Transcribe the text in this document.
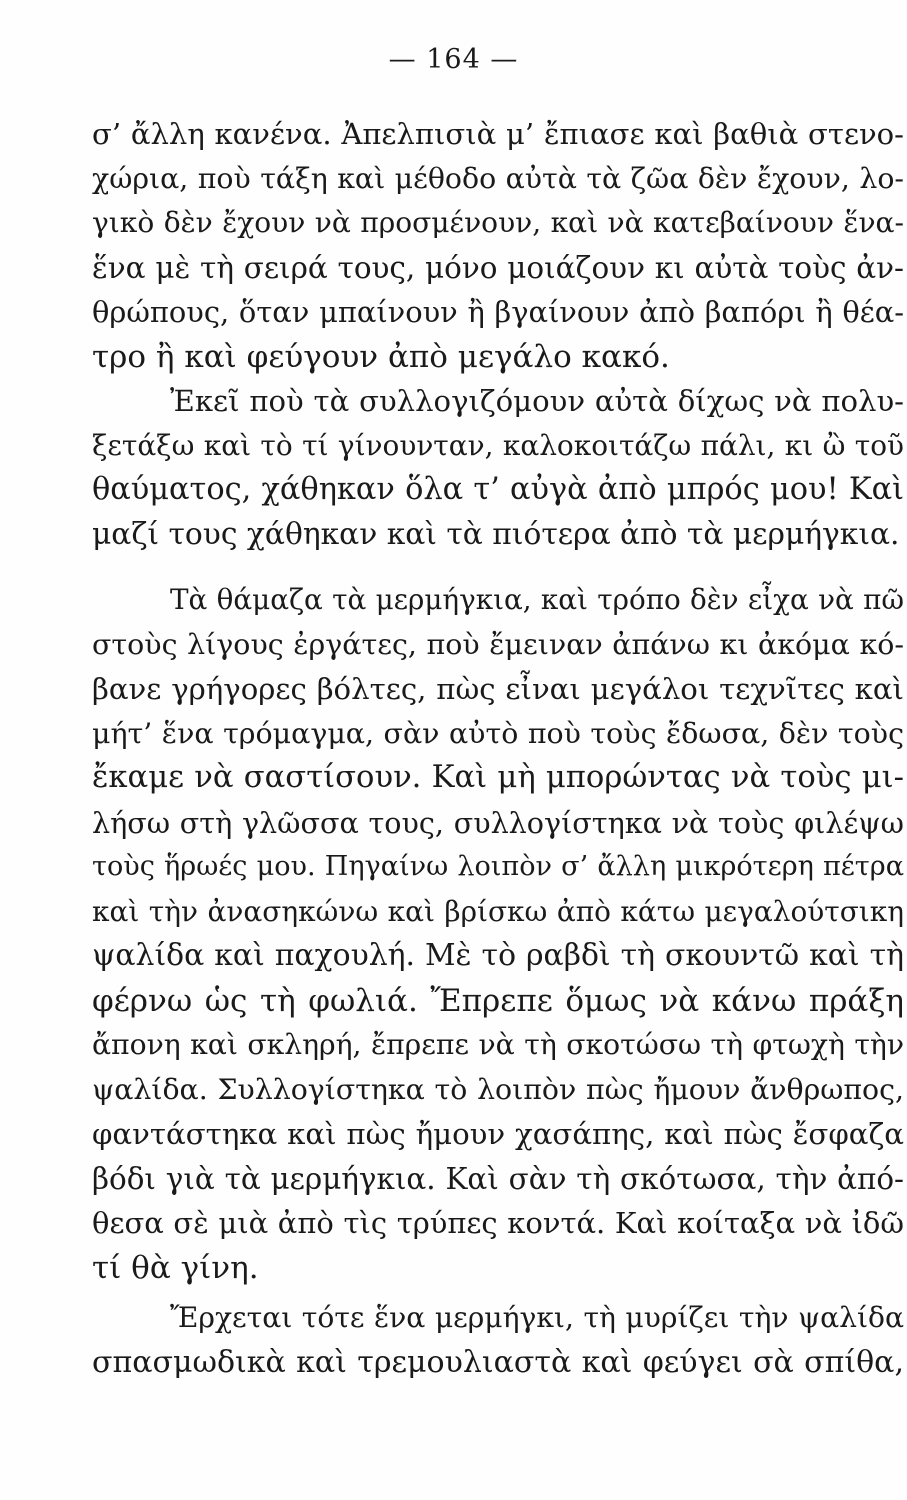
— 164 —
σ’ ἄλλη κανένα. Ἀπελπισιὰ μ’ ἔπιασε καὶ βαθιὰ στενο-
χώρια, ποὺ τάξη καὶ μέθοδο αὐτὰ τὰ ζῶα δὲν ἔχουν, λο-
γικὸ δὲν ἔχουν νὰ προσμένουν, καὶ νὰ κατεβαίνουν ἕνα-
ἕνα μὲ τὴ σειρά τους, μόνο μοιάζουν κι αὐτὰ τοὺς ἀν-
θρώπους, ὅταν μπαίνουν ἢ βγαίνουν ἀπὸ βαπόρι ἢ θέα-
τρο ἢ καὶ φεύγουν ἀπὸ μεγάλο κακό.
Ἐκεῖ ποὺ τὰ συλλογιζόμουν αὐτὰ δίχως νὰ πολυ-
ξετάξω καὶ τὸ τί γίνουνταν, καλοκοιτάζω πάλι, κι ὢ τοῦ
θαύματος, χάθηκαν ὅλα τ’ αὐγὰ ἀπὸ μπρός μου! Καὶ
μαζί τους χάθηκαν καὶ τὰ πιότερα ἀπὸ τὰ μερμήγκια.
Τὰ θάμαζα τὰ μερμήγκια, καὶ τρόπο δὲν εἶχα νὰ πῶ
στοὺς λίγους ἐργάτες, ποὺ ἔμειναν ἀπάνω κι ἀκόμα κό-
βανε γρήγορες βόλτες, πὼς εἶναι μεγάλοι τεχνῖτες καὶ
μήτ’ ἕνα τρόμαγμα, σὰν αὐτὸ ποὺ τοὺς ἔδωσα, δὲν τοὺς
ἔκαμε νὰ σαστίσουν. Καὶ μὴ μπορώντας νὰ τοὺς μι-
λήσω στὴ γλῶσσα τους, συλλογίστηκα νὰ τοὺς φιλέψω
τοὺς ἥρωές μου. Πηγαίνω λοιπὸν σ’ ἄλλη μικρότερη πέτρα
καὶ τὴν ἀνασηκώνω καὶ βρίσκω ἀπὸ κάτω μεγαλούτσικη
ψαλίδα καὶ παχουλή. Μὲ τὸ ραβδὶ τὴ σκουντῶ καὶ τὴ
φέρνω ὡς τὴ φωλιά. Ἔπρεπε ὅμως νὰ κάνω πράξη
ἄπονη καὶ σκληρή, ἔπρεπε νὰ τὴ σκοτώσω τὴ φτωχὴ τὴν
ψαλίδα. Συλλογίστηκα τὸ λοιπὸν πὼς ἤμουν ἄνθρωπος,
φαντάστηκα καὶ πὼς ἤμουν χασάπης, καὶ πὼς ἔσφαζα
βόδι γιὰ τὰ μερμήγκια. Καὶ σὰν τὴ σκότωσα, τὴν ἀπό-
θεσα σὲ μιὰ ἀπὸ τὶς τρύπες κοντά. Καὶ κοίταξα νὰ ἰδῶ
τί θὰ γίνη.
Ἔρχεται τότε ἕνα μερμήγκι, τὴ μυρίζει τὴν ψαλίδα
σπασμωδικὰ καὶ τρεμουλιαστὰ καὶ φεύγει σὰ σπίθα,
